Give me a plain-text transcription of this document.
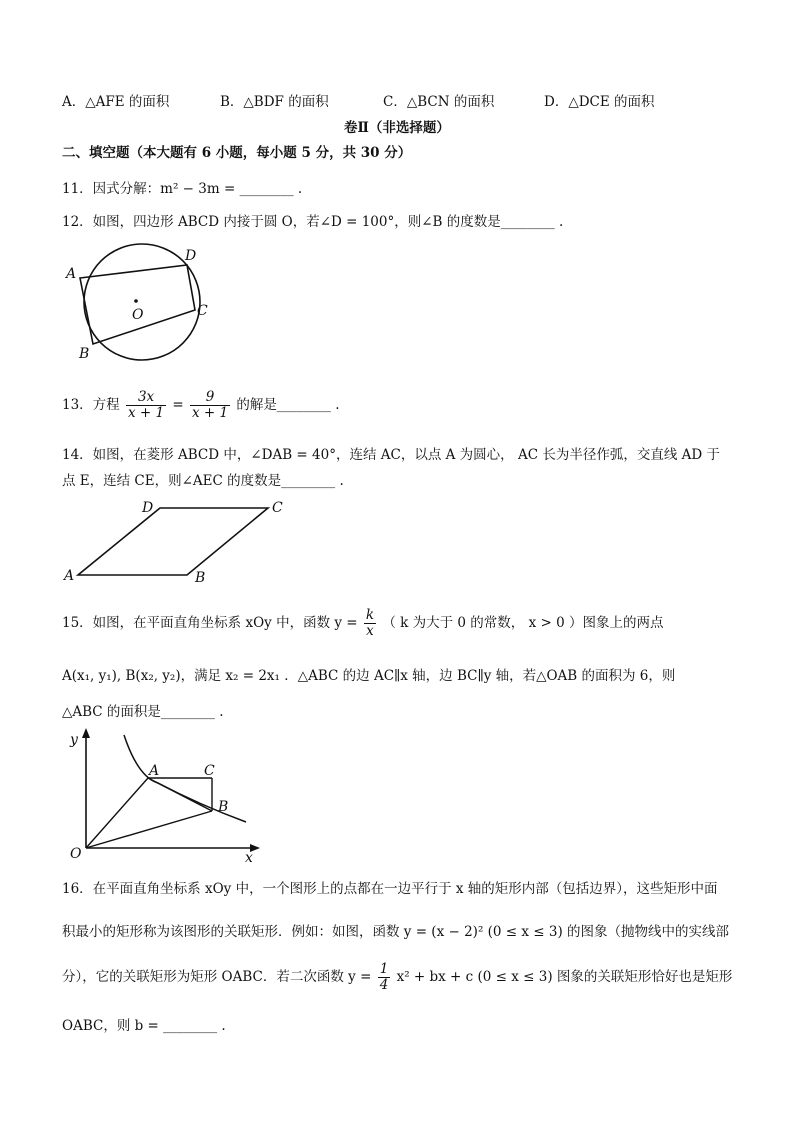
A．△AFE 的面积	B．△BDF 的面积	C．△BCN 的面积	D．△DCE 的面积
卷Ⅱ（非选择题）
二、填空题（本大题有 6 小题，每小题 5 分，共 30 分）
11．因式分解：m² − 3m = ________ .
12．如图，四边形 ABCD 内接于圆 O，若∠D = 100°，则∠B 的度数是________ .
A
D
C
B
O
13．方程 $\frac{3x}{x + 1} = \frac{9}{x + 1}$ 的解是________ .
14．如图，在菱形 ABCD 中，∠DAB = 40°，连结 AC，以点 A 为圆心， AC 长为半径作弧，交直线 AD 于
点 E，连结 CE，则∠AEC 的度数是________ .
A	B
C
D
15．如图，在平面直角坐标系 xOy 中，函数 $y = \frac{k}{x}$ （ k 为大于 0 的常数， x > 0 ）图象上的两点
A(x₁, y₁), B(x₂, y₂)，满足 x₂ = 2x₁ ．△ABC 的边 AC∥x 轴，边 BC∥y 轴，若△OAB 的面积为 6，则
△ABC 的面积是________ .
y
x
O
A	C
B
16．在平面直角坐标系 xOy 中，一个图形上的点都在一边平行于 x 轴的矩形内部（包括边界），这些矩形中面
积最小的矩形称为该图形的关联矩形．例如：如图，函数 y = (x − 2)² (0 ≤ x ≤ 3) 的图象（抛物线中的实线部
分），它的关联矩形为矩形 OABC．若二次函数 $y = \frac{1}{4} x^2$ + bx + c (0 ≤ x ≤ 3) 图象的关联矩形恰好也是矩形
OABC，则 b = ________ .
